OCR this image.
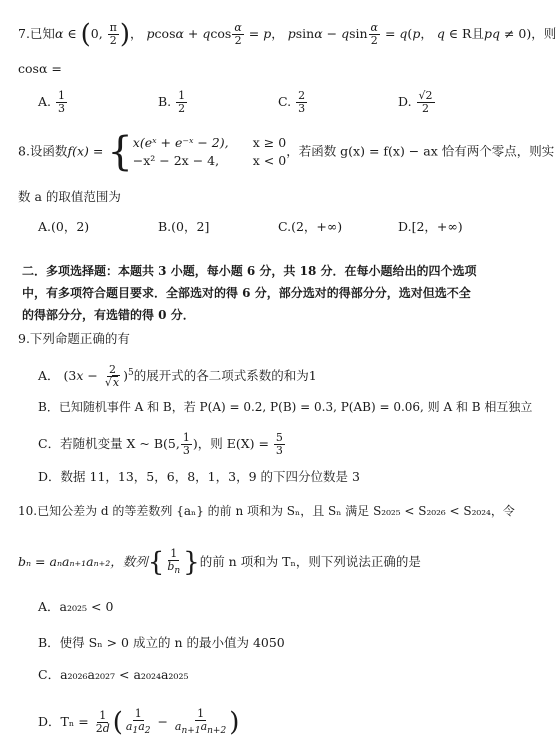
7.已知α ∈ (0, $\frac{\pi}{2}$ )， pcosα + qcos $\frac{\alpha}{2} = p$， psinα − qsin $\frac{\alpha}{2} = q(p$， q ∈ R且pq ≠ 0)，则
cosα =
A. $\frac{1}{3}$	B. $\frac{1}{2}$	C. $\frac{2}{3}$	D. $\frac{√2}{2}$
8.设函数f(x) = { x(eˣ + e⁻ˣ − 2),	x ≥ 0
−x² − 2x − 4,	x < 0
，若函数 g(x) = f(x) − ax 恰有两个零点，则实
数 a 的取值范围为
A.(0，2)	B.(0，2]	C.(2，+∞)	D.[2，+∞)
二．多项选择题：本题共 3 小题，每小题 6 分，共 18 分．在每小题给出的四个选项
中，有多项符合题目要求．全部选对的得 6 分，部分选对的得部分分，选对但选不全
的得部分分，有选错的得 0 分．
9.下列命题正确的有
A． $(3x - \frac{2}{√x} )^5$的展开式的各二项式系数的和为1
B．已知随机事件 A 和 B，若 P(A) = 0.2, P(B) = 0.3, P(AB) = 0.06, 则 A 和 B 相互独立
C．若随机变量 X ~ B(5, $\frac{1}{3}$ )，则 $E(X) = \frac{5}{3}$
D．数据 11，13，5，6，8，1，3，9 的下四分位数是 3
10.已知公差为 d 的等差数列 {aₙ} 的前 n 项和为 Sₙ，且 Sₙ 满足 S₂₀₂₅ < S₂₀₂₆ < S₂₀₂₄，令
bₙ = aₙaₙ₊₁aₙ₊₂，数列{ $\frac{1}{b_n}$ }的前 n 项和为 Tₙ，则下列说法正确的是
A．a₂₀₂₅ < 0
B．使得 Sₙ > 0 成立的 n 的最小值为 4050
C．a₂₀₂₆a₂₀₂₇ < a₂₀₂₄a₂₀₂₅
D．$T_n = \frac{1}{2d}$ ( $\frac{1}{a_1a_2} - \frac{1}{a_{n+1}a_{n+2}}$ )
